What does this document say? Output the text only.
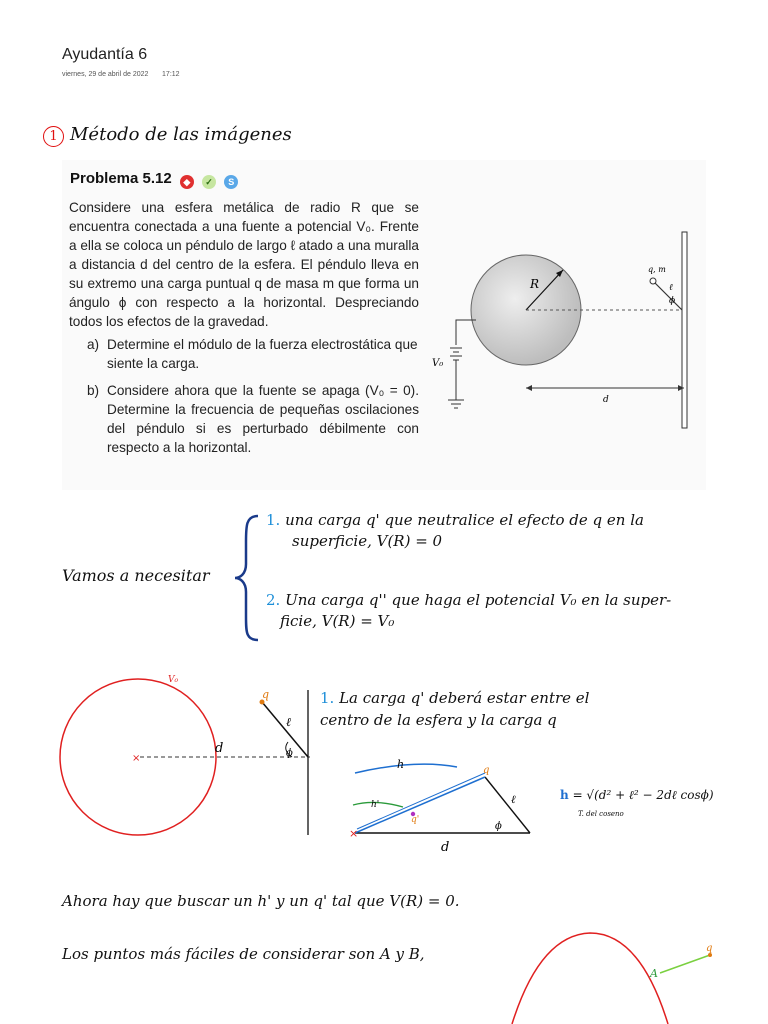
Ayudantía 6
viernes, 29 de abril de 2022 17:12
1 Método de las imágenes
Problema 5.12 ◆ ✓ S

Considere una esfera metálica de radio R que se encuentra conectada a una fuente a potencial V₀. Frente a ella se coloca un péndulo de largo ℓ atado a una muralla a distancia d del centro de la esfera. El péndulo lleva en su extremo una carga puntual q de masa m que forma un ángulo ϕ con respecto a la horizontal. Despreciando todos los efectos de la gravedad.

a) Determine el módulo de la fuerza electrostática que siente la carga.
b) Considere ahora que la fuente se apaga (V₀ = 0). Determine la frecuencia de pequeñas oscilaciones del péndulo si es perturbado débilmente con respecto a la horizontal.
R
q, m
ℓ
ϕ
V₀
d
Vamos a necesitar
1. una carga q' que neutralice el efecto de q en la
superficie, V(R) = 0
2. Una carga q'' que haga el potencial V₀ en la super-
ficie, V(R) = V₀
V₀
×
q
ℓ
ϕ
d
1. La carga q' deberá estar entre el
centro de la esfera y la carga q
h
h'
×
q'
q
ℓ
ϕ
d
h = √(d² + ℓ² − 2dℓ cosϕ)
T. del coseno
Ahora hay que buscar un h' y un q' tal que V(R) = 0.
Los puntos más fáciles de considerar son A y B,
A
q
